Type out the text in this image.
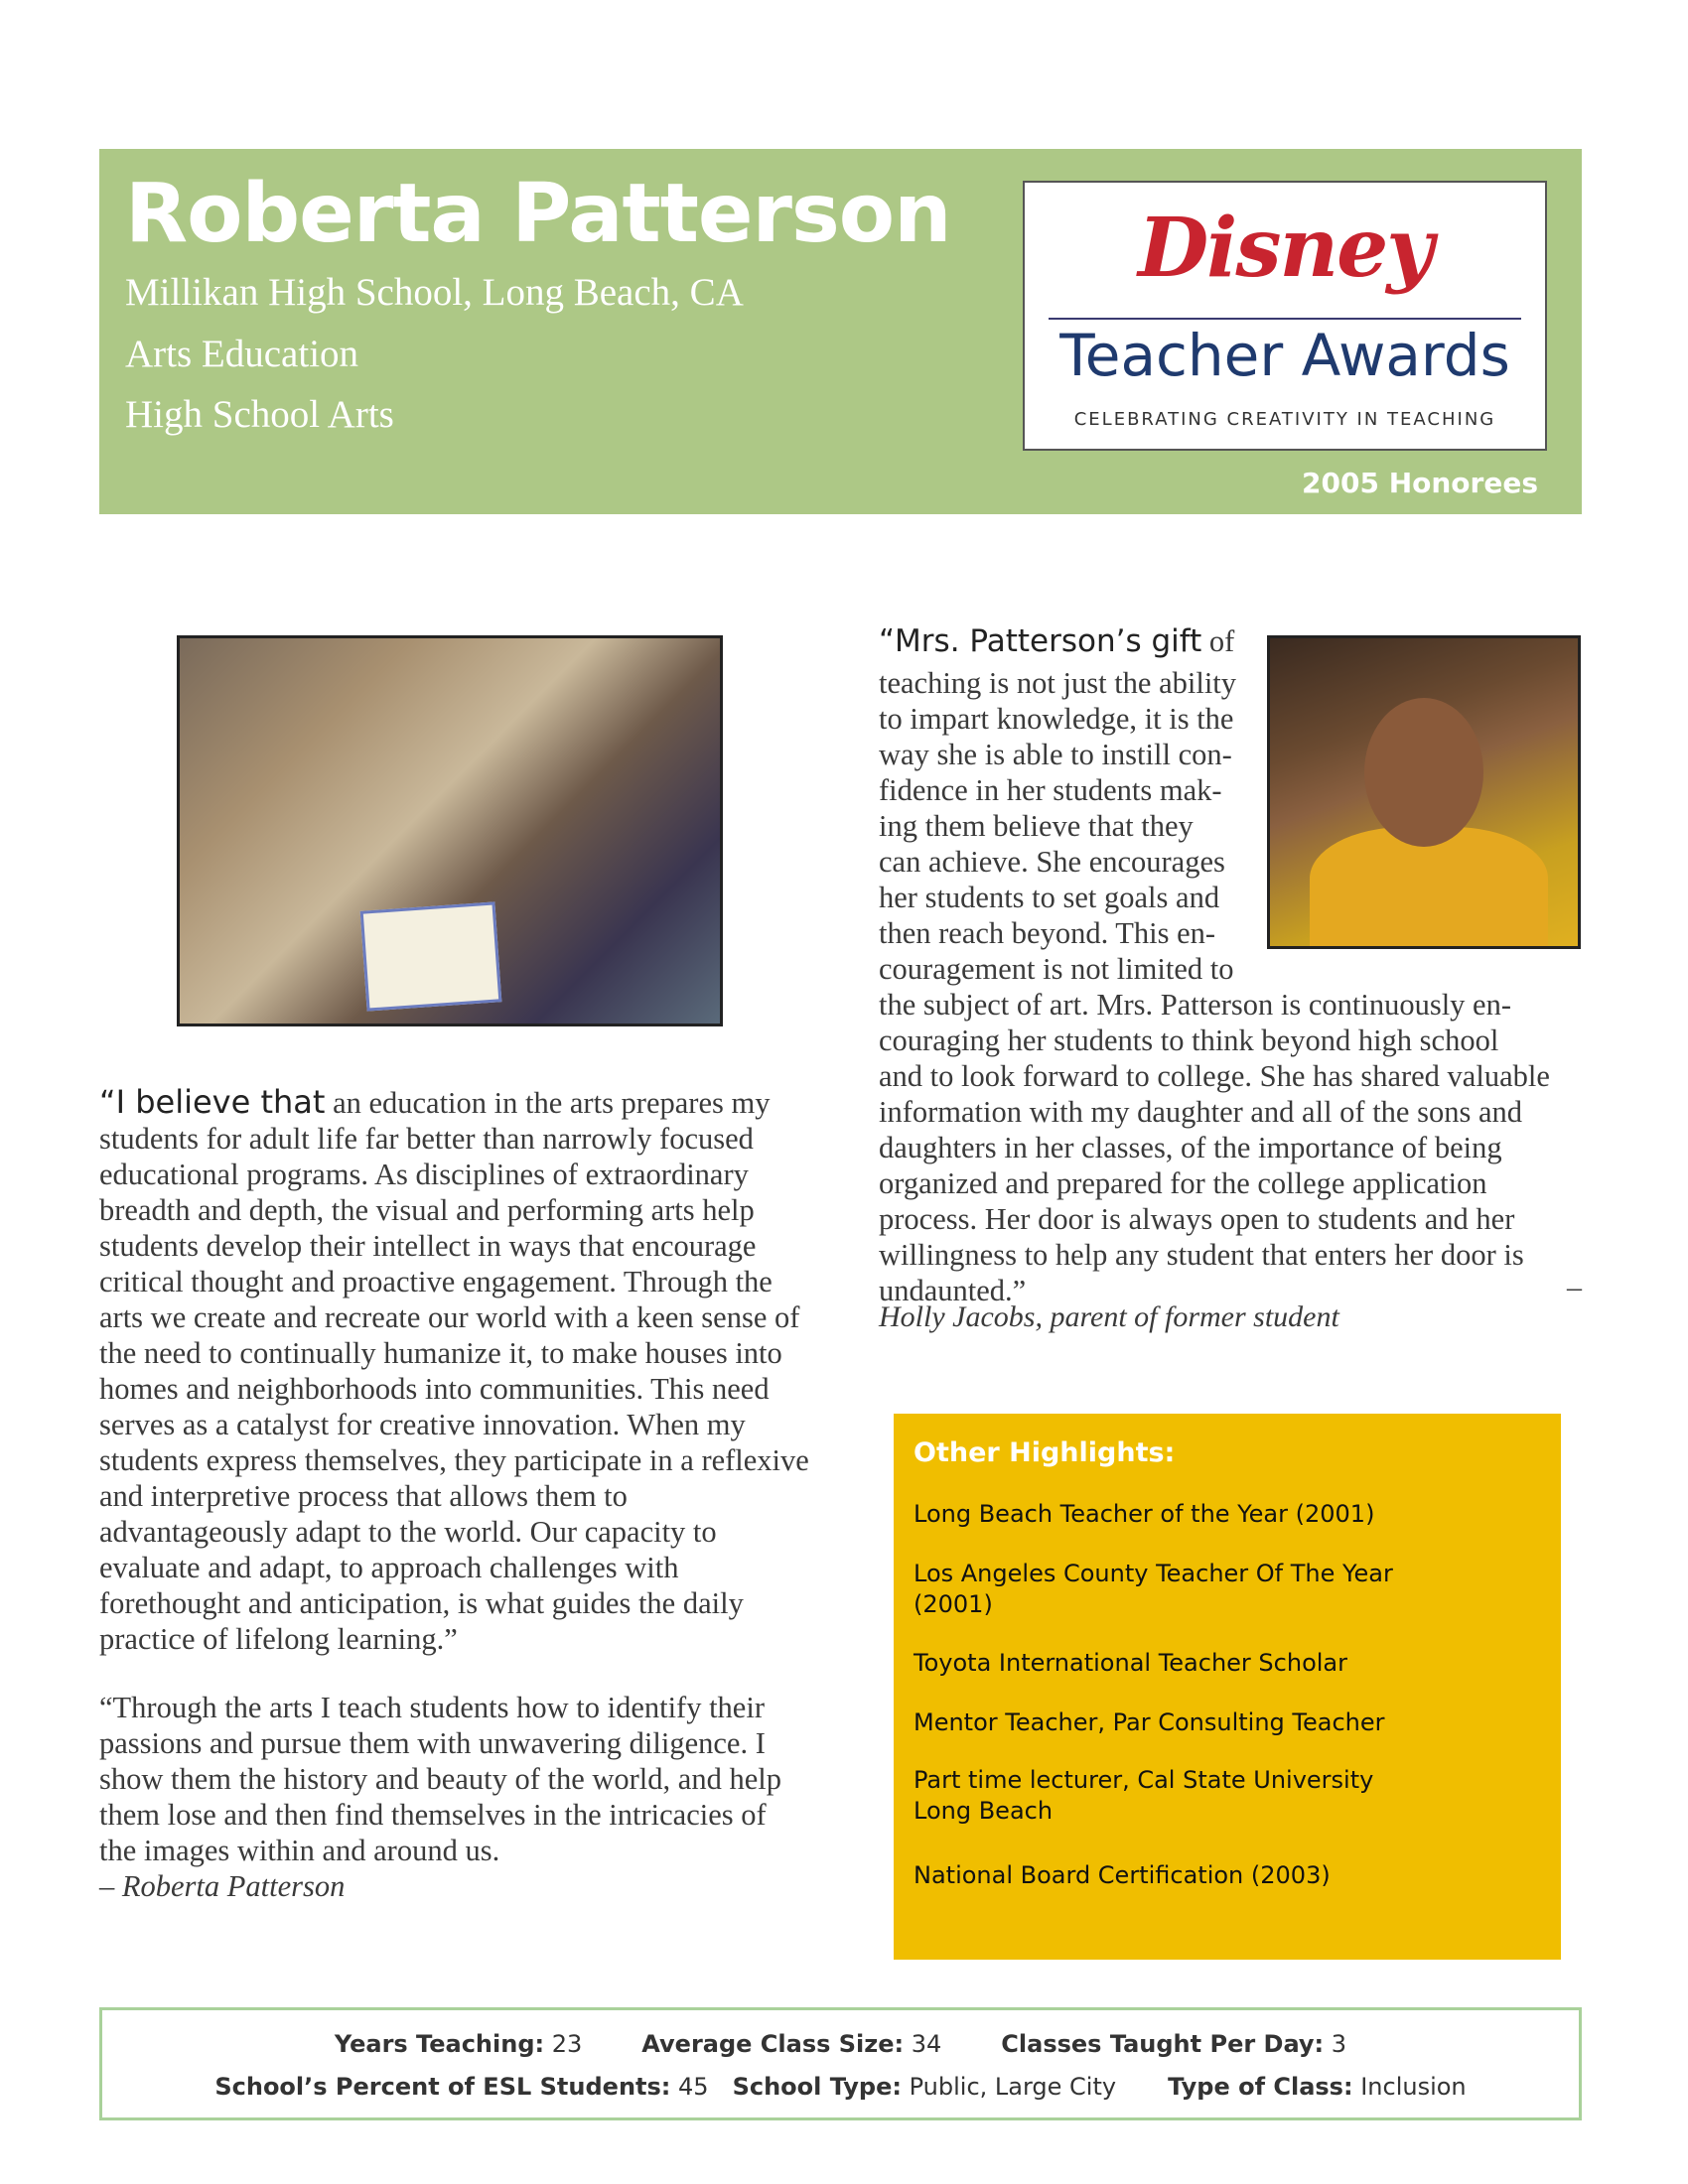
Roberta Patterson
Millikan High School, Long Beach, CA
Arts Education
High School Arts
Disney
Teacher Awards
CELEBRATING CREATIVITY IN TEACHING
2005 Honorees
“I believe that an education in the arts prepares my students for adult life far better than narrowly focused educational programs. As disciplines of extraordinary breadth and depth, the visual and performing arts help students develop their intellect in ways that encourage critical thought and proactive engagement. Through the arts we create and recreate our world with a keen sense of the need to continually humanize it, to make houses into homes and neighborhoods into communities. This need serves as a catalyst for creative innovation. When my students express themselves, they participate in a reflexive and interpretive process that allows them to advantageously adapt to the world. Our capacity to evaluate and adapt, to approach challenges with forethought and anticipation, is what guides the daily practice of lifelong learning.”
“Through the arts I teach students how to identify their passions and pursue them with unwavering diligence. I show them the history and beauty of the world, and help them lose and then find themselves in the intricacies of the images within and around us.
– Roberta Patterson
“Mrs. Patterson’s gift of
teaching is not just the ability
to impart knowledge, it is the
way she is able to instill con-
fidence in her students mak-
ing them believe that they
can achieve. She encourages
her students to set goals and
then reach beyond. This en-
couragement is not limited to
the subject of art. Mrs. Patterson is continuously en-
couraging her students to think beyond high school
and to look forward to college. She has shared valuable
information with my daughter and all of the sons and
daughters in her classes, of the importance of being
organized and prepared for the college application
process. Her door is always open to students and her
willingness to help any student that enters her door is
undaunted.”	–
Holly Jacobs, parent of former student
Other Highlights:
Long Beach Teacher of the Year (2001)
Los Angeles County Teacher Of The Year (2001)
Toyota International Teacher Scholar
Mentor Teacher, Par Consulting Teacher
Part time lecturer, Cal State University Long Beach
National Board Certification (2003)
Years Teaching: 23	Average Class Size: 34	Classes Taught Per Day: 3
School’s Percent of ESL Students: 45 School Type: Public, Large City Type of Class: Inclusion
